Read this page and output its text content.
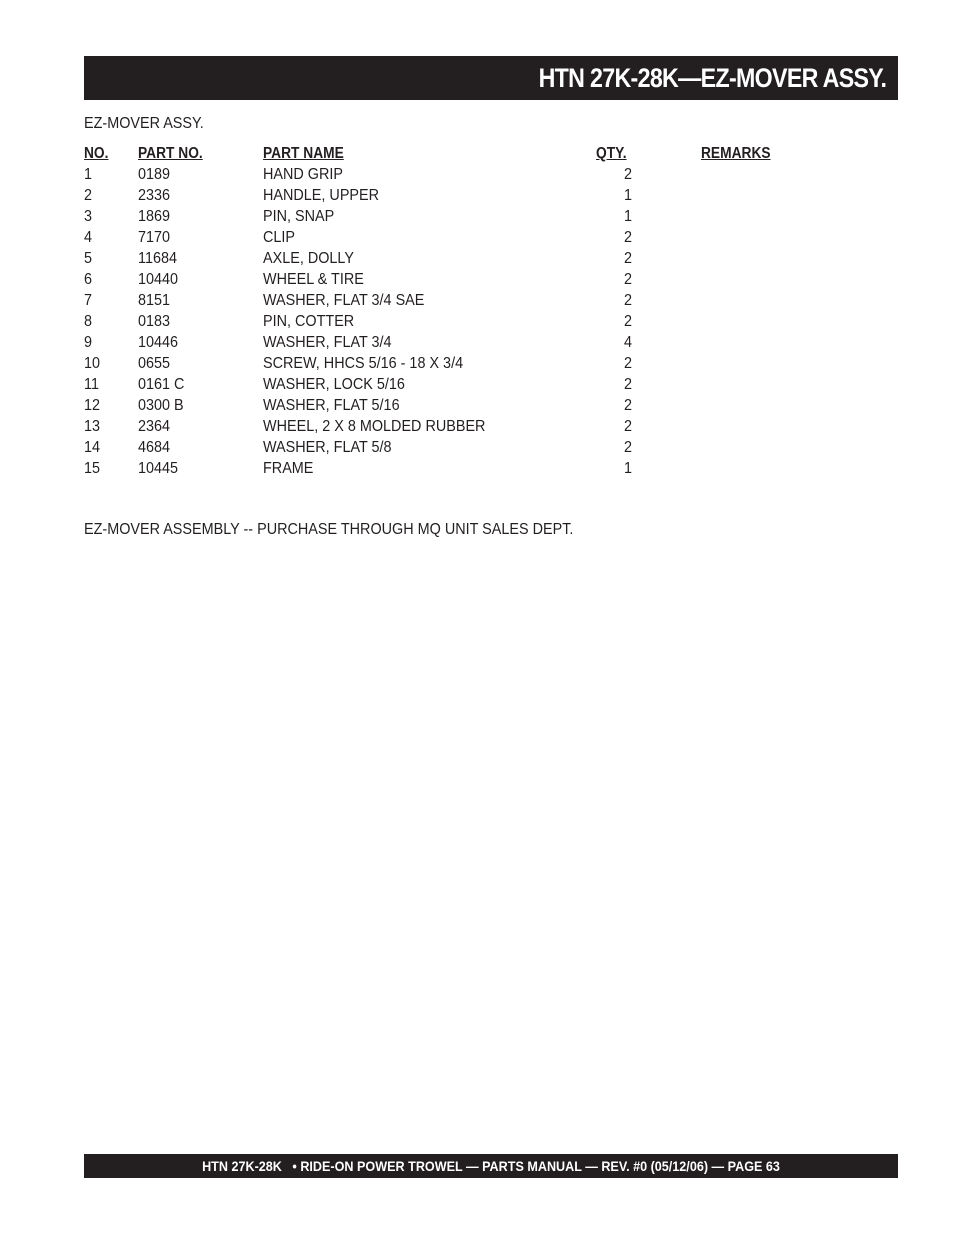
HTN 27K-28K—EZ-MOVER ASSY.
EZ-MOVER ASSY.
NO. PART NO.	PART NAME	QTY.	REMARKS
1	0189	HAND GRIP	2
2	2336	HANDLE, UPPER	1
3	1869	PIN, SNAP	1
4	7170	CLIP	2
5	11684	AXLE, DOLLY	2
6	10440	WHEEL & TIRE	2
7	8151	WASHER, FLAT 3/4 SAE	2
8	0183	PIN, COTTER	2
9	10446	WASHER, FLAT 3/4	4
10 0655	SCREW, HHCS 5/16 - 18 X 3/4	2
11 0161 C	WASHER, LOCK 5/16	2
12 0300 B	WASHER, FLAT 5/16	2
13 2364	WHEEL, 2 X 8 MOLDED RUBBER	2
14 4684	WASHER, FLAT 5/8	2
15 10445	FRAME	1
EZ-MOVER ASSEMBLY -- PURCHASE THROUGH MQ UNIT SALES DEPT.
HTN 27K-28K   • RIDE-ON POWER TROWEL — PARTS MANUAL — REV. #0 (05/12/06) — PAGE 63
